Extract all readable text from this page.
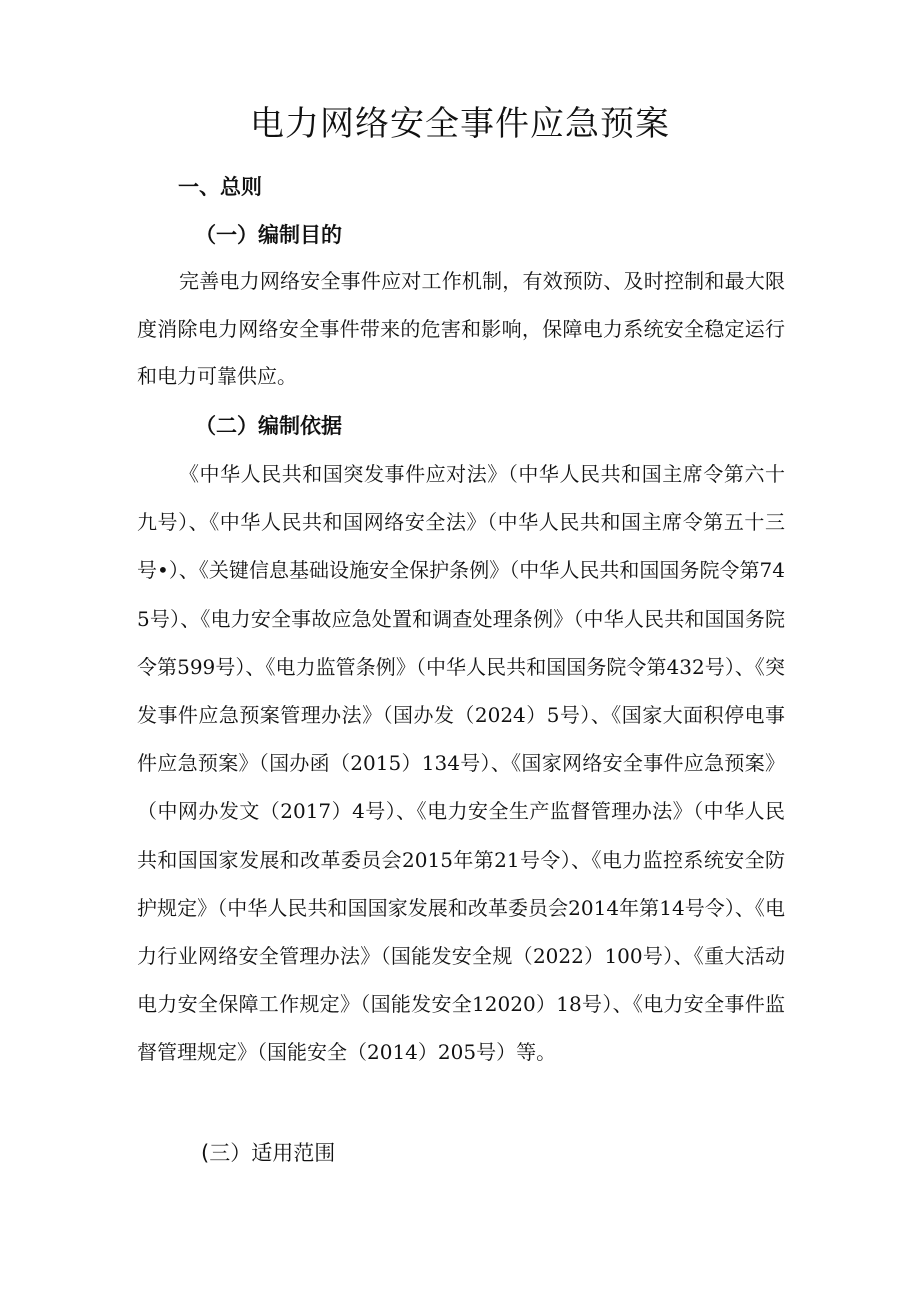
电力网络安全事件应急预案
一、总则
（一）编制目的

完善电力网络安全事件应对工作机制，有效预防、及时控制和最大限度消除电力网络安全事件带来的危害和影响，保障电力系统安全稳定运行和电力可靠供应。

（二）编制依据

《中华人民共和国突发事件应对法》（中华人民共和国主席令第六十九号）、《中华人民共和国网络安全法》（中华人民共和国主席令第五十三号•）、《关键信息基础设施安全保护条例》（中华人民共和国国务院令第745号）、《电力安全事故应急处置和调查处理条例》（中华人民共和国国务院令第599号）、《电力监管条例》（中华人民共和国国务院令第432号）、《突发事件应急预案管理办法》（国办发（2024）5号）、《国家大面积停电事件应急预案》（国办函（2015）134号）、《国家网络安全事件应急预案》（中网办发文（2017）4号）、《电力安全生产监督管理办法》（中华人民共和国国家发展和改革委员会2015年第21号令）、《电力监控系统安全防护规定》（中华人民共和国国家发展和改革委员会2014年第14号令）、《电力行业网络安全管理办法》（国能发安全规（2022）100号）、《重大活动电力安全保障工作规定》（国能发安全12020）18号）、《电力安全事件监督管理规定》（国能安全（2014）205号）等。

(三）适用范围
